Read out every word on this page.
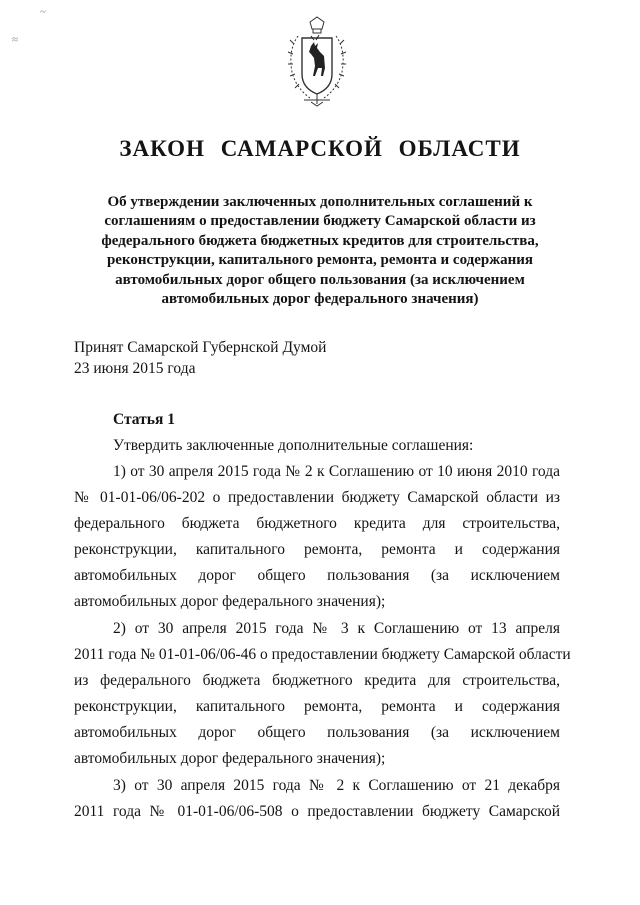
~
≈
ЗАКОН САМАРСКОЙ ОБЛАСТИ
Об утверждении заключенных дополнительных соглашений к
соглашениям о предоставлении бюджету Самарской области из
федерального бюджета бюджетных кредитов для строительства,
реконструкции, капитального ремонта, ремонта и содержания
автомобильных дорог общего пользования (за исключением
автомобильных дорог федерального значения)
Принят Самарской Губернской Думой
23 июня 2015 года
Статья 1
Утвердить заключенные дополнительные соглашения:
1) от 30 апреля 2015 года № 2 к Соглашению от 10 июня 2010 года
№ 01-01-06/06-202 о предоставлении бюджету Самарской области из
федерального бюджета бюджетного кредита для строительства,
реконструкции, капитального ремонта, ремонта и содержания
автомобильных дорог общего пользования (за исключением
автомобильных дорог федерального значения);
2) от 30 апреля 2015 года № 3 к Соглашению от 13 апреля
2011 года № 01-01-06/06-46 о предоставлении бюджету Самарской области
из федерального бюджета бюджетного кредита для строительства,
реконструкции, капитального ремонта, ремонта и содержания
автомобильных дорог общего пользования (за исключением
автомобильных дорог федерального значения);
3) от 30 апреля 2015 года № 2 к Соглашению от 21 декабря
2011 года № 01-01-06/06-508 о предоставлении бюджету Самарской
